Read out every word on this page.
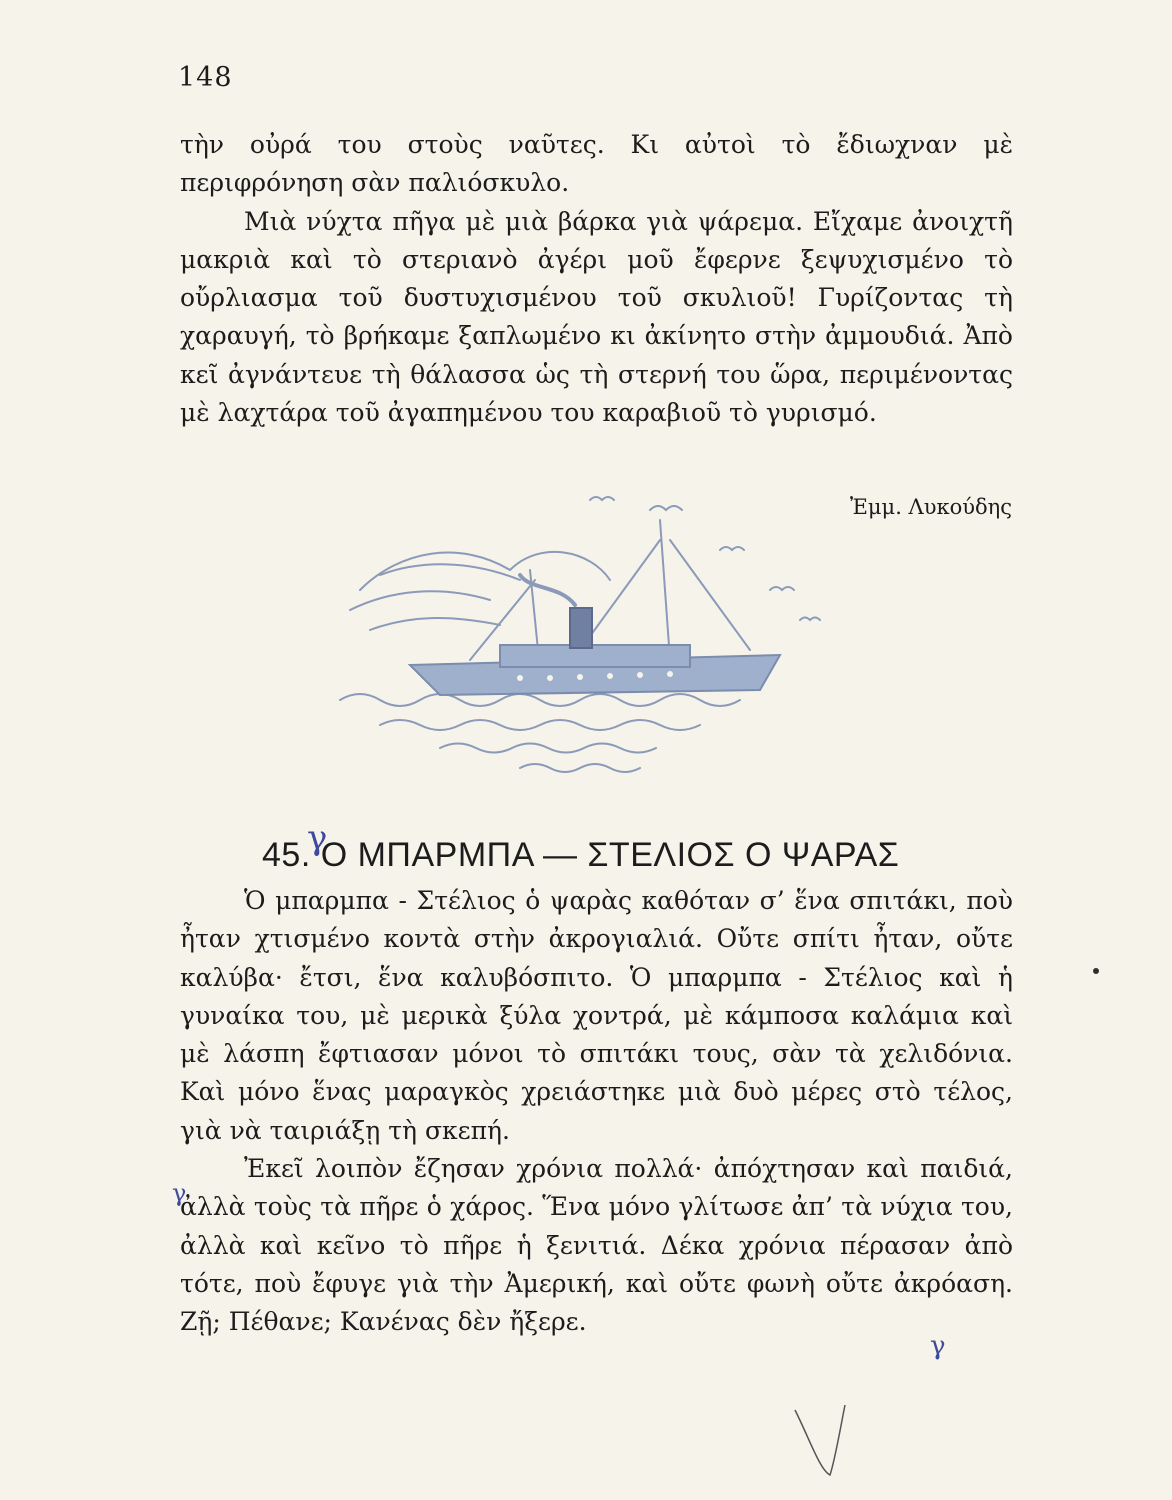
148

τὴν οὐρά του στοὺς ναῦτες. Κι αὐτοὶ τὸ ἔδιωχναν μὲ περιφρόνηση σὰν παλιόσκυλο.

Μιὰ νύχτα πῆγα μὲ μιὰ βάρκα γιὰ ψάρεμα. Εἴχαμε ἀνοιχτῆ μακριὰ καὶ τὸ στεριανὸ ἀγέρι μοῦ ἔφερνε ξεψυχισμένο τὸ οὔρλιασμα τοῦ δυστυχισμένου τοῦ σκυλιοῦ! Γυρίζοντας τὴ χαραυγή, τὸ βρήκαμε ξαπλωμένο κι ἀκίνητο στὴν ἀμμουδιά. Ἀπὸ κεῖ ἀγνάντευε τὴ θάλασσα ὡς τὴ στερνή του ὥρα, περιμένοντας μὲ λαχτάρα τοῦ ἀγαπημένου του καραβιοῦ τὸ γυρισμό.

Ἐμμ. Λυκούδης
45. Ο ΜΠΑΡΜΠΑ — ΣΤΕΛΙΟΣ Ο ΨΑΡΑΣ
γ

Ὁ μπαρμπα - Στέλιος ὁ ψαρὰς καθόταν σ’ ἕνα σπιτάκι, ποὺ ἦταν χτισμένο κοντὰ στὴν ἀκρογιαλιά. Οὔτε σπίτι ἦταν, οὔτε καλύβα· ἔτσι, ἕνα καλυβόσπιτο. Ὁ μπαρμπα - Στέλιος καὶ ἡ γυναίκα του, μὲ μερικὰ ξύλα χοντρά, μὲ κάμποσα καλάμια καὶ μὲ λάσπη ἔφτιασαν μόνοι τὸ σπιτάκι τους, σὰν τὰ χελιδόνια. Καὶ μόνο ἕνας μαραγκὸς χρειάστηκε μιὰ δυὸ μέρες στὸ τέλος, γιὰ νὰ ταιριάξῃ τὴ σκεπή.

Ἐκεῖ λοιπὸν ἔζησαν χρόνια πολλά· ἀπόχτησαν καὶ παιδιά, ἀλλὰ τοὺς τὰ πῆρε ὁ χάρος. Ἕνα μόνο γλίτωσε ἀπ’ τὰ νύχια του, ἀλλὰ καὶ κεῖνο τὸ πῆρε ἡ ξενιτιά. Δέκα χρόνια πέρασαν ἀπὸ τότε, ποὺ ἔφυγε γιὰ τὴν Ἀμερική, καὶ οὔτε φωνὴ οὔτε ἀκρόαση. Ζῇ; Πέθανε; Κανένας δὲν ἤξερε.

γ
γ
